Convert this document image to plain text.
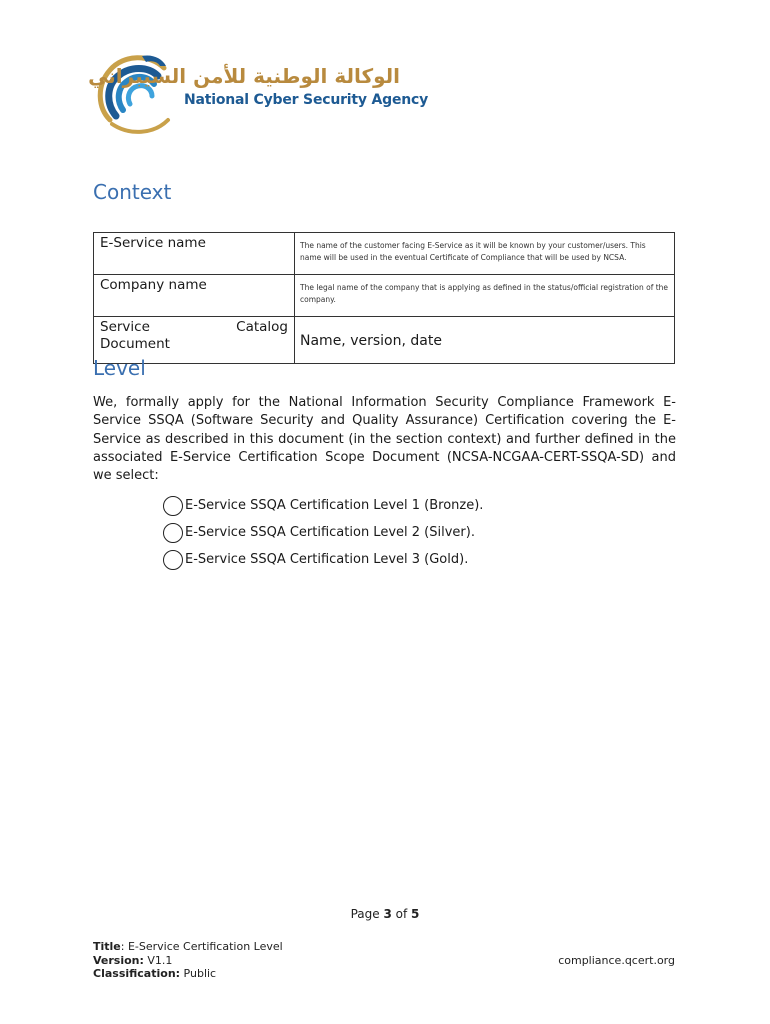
الوكالة الوطنية للأمن السيبراني
National Cyber Security Agency
Context
E-Service name	The name of the customer facing E-Service as it will be known by your customer/users. This name will be used in the eventual Certificate of Compliance that will be used by NCSA.
Company name	The legal name of the company that is applying as defined in the status/official registration of the company.

Service Catalog
Document	Name, version, date
Level
We, formally apply for the National Information Security Compliance Framework E-Service SSQA (Software Security and Quality Assurance) Certification covering the E-Service as described in this document (in the section context) and further defined in the associated E-Service Certification Scope Document (NCSA-NCGAA-CERT-SSQA-SD) and we select:
E-Service SSQA Certification Level 1 (Bronze).
E-Service SSQA Certification Level 2 (Silver).
E-Service SSQA Certification Level 3 (Gold).
Page 3 of 5
Title: E-Service Certification Level
Version: V1.1
Classification: Public
compliance.qcert.org
